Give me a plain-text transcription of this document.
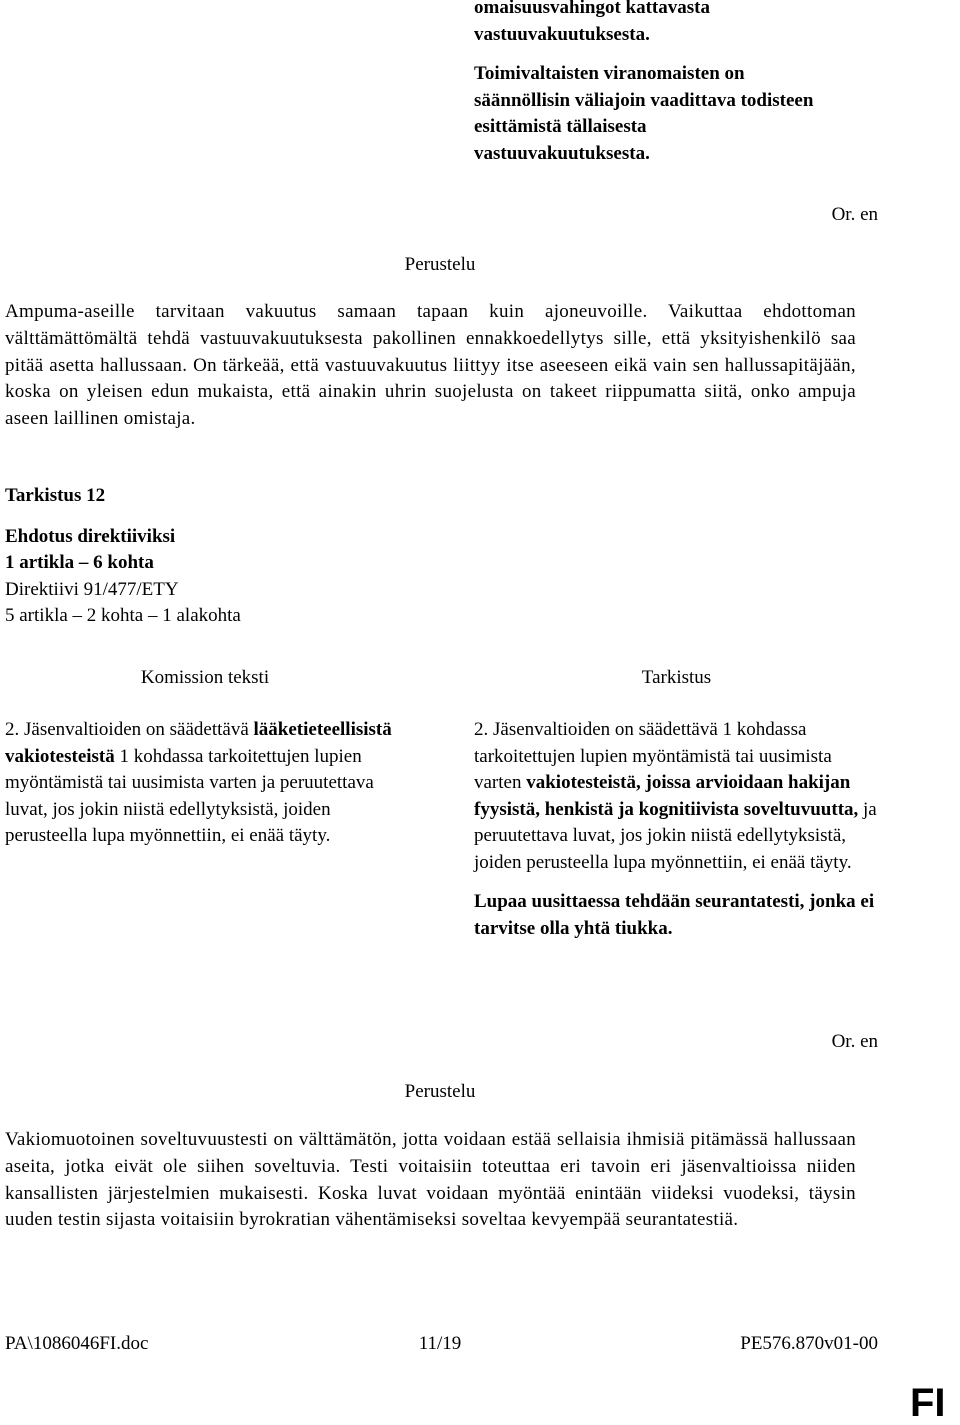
omaisuusvahingot kattavasta
vastuuvakuutuksesta.

Toimivaltaisten viranomaisten on
säännöllisin väliajoin vaadittava todisteen
esittämistä tällaisesta
vastuuvakuutuksesta.

Or. en
Perustelu

Ampuma-aseille tarvitaan vakuutus samaan tapaan kuin ajoneuvoille. Vaikuttaa ehdottoman välttämättömältä tehdä vastuuvakuutuksesta pakollinen ennakkoedellytys sille, että yksityishenkilö saa pitää asetta hallussaan. On tärkeää, että vastuuvakuutus liittyy itse aseeseen eikä vain sen hallussapitäjään, koska on yleisen edun mukaista, että ainakin uhrin suojelusta on takeet riippumatta siitä, onko ampuja aseen laillinen omistaja.

Tarkistus 12
Ehdotus direktiiviksi
1 artikla – 6 kohta
Direktiivi 91/477/ETY
5 artikla – 2 kohta – 1 alakohta
Komission teksti	Tarkistus

2. Jäsenvaltioiden on säädettävä lääketieteellisistä vakiotesteistä 1 kohdassa tarkoitettujen lupien myöntämistä tai uusimista varten ja peruutettava luvat, jos jokin niistä edellytyksistä, joiden perusteella lupa myönnettiin, ei enää täyty.

2. Jäsenvaltioiden on säädettävä 1 kohdassa tarkoitettujen lupien myöntämistä tai uusimista varten vakiotesteistä, joissa arvioidaan hakijan fyysistä, henkistä ja kognitiivista soveltuvuutta, ja peruutettava luvat, jos jokin niistä edellytyksistä, joiden perusteella lupa myönnettiin, ei enää täyty.

Lupaa uusittaessa tehdään seurantatesti, jonka ei tarvitse olla yhtä tiukka.

Or. en
Perustelu

Vakiomuotoinen soveltuvuustesti on välttämätön, jotta voidaan estää sellaisia ihmisiä pitämässä hallussaan aseita, jotka eivät ole siihen soveltuvia. Testi voitaisiin toteuttaa eri tavoin eri jäsenvaltioissa niiden kansallisten järjestelmien mukaisesti. Koska luvat voidaan myöntää enintään viideksi vuodeksi, täysin uuden testin sijasta voitaisiin byrokratian vähentämiseksi soveltaa kevyempää seurantatestiä.

PA\1086046FI.doc	11/19	PE576.870v01-00
FI
